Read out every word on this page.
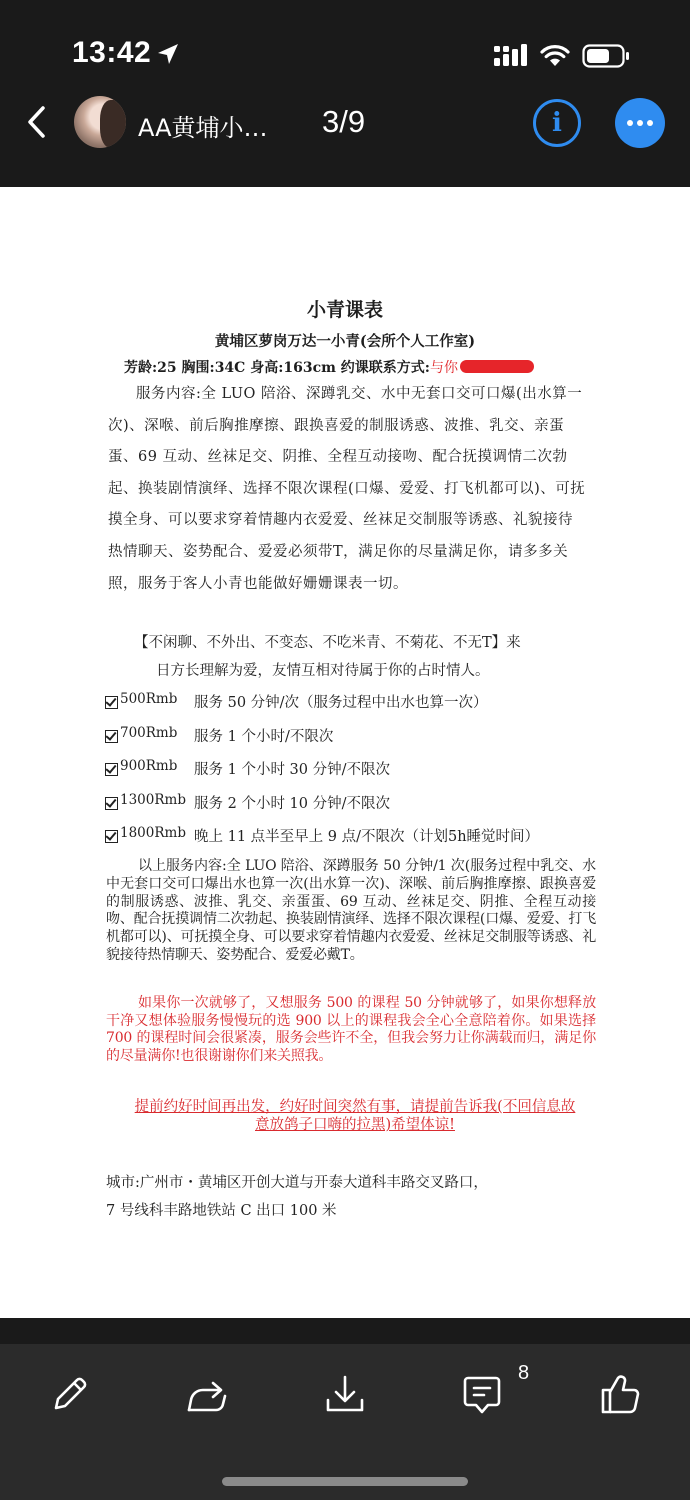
13:42
AA黄埔小… 3/9	i
小青课表
黄埔区萝岗万达一小青(会所个人工作室)
芳龄:25 胸围:34C 身高:163cm 约课联系方式:与你
服务内容:全 LUO 陪浴、深蹲乳交、水中无套口交可口爆(出水算一次)、深喉、前后胸推摩擦、跟换喜爱的制服诱惑、波推、乳交、亲蛋蛋、69 互动、丝袜足交、阴推、全程互动接吻、配合抚摸调情二次勃起、换装剧情演绎、选择不限次课程(口爆、爱爱、打飞机都可以)、可抚摸全身、可以要求穿着情趣内衣爱爱、丝袜足交制服等诱惑、礼貌接待热情聊天、姿势配合、爱爱必须带T，满足你的尽量满足你，请多多关照，服务于客人小青也能做好姗姗课表一切。
【不闲聊、不外出、不变态、不吃米青、不菊花、不无T】来
日方长理解为爱，友情互相对待属于你的占时情人。
500Rmb 服务 50 分钟/次（服务过程中出水也算一次）
700Rmb 服务 1 个小时/不限次
900Rmb 服务 1 个小时 30 分钟/不限次
1300Rmb 服务 2 个小时 10 分钟/不限次
1800Rmb 晚上 11 点半至早上 9 点/不限次（计划5h睡觉时间）
以上服务内容:全 LUO 陪浴、深蹲服务 50 分钟/1 次(服务过程中乳交、水中无套口交可口爆出水也算一次(出水算一次)、深喉、前后胸推摩擦、跟换喜爱的制服诱惑、波推、乳交、亲蛋蛋、69 互动、丝袜足交、阴推、全程互动接吻、配合抚摸调情二次勃起、换装剧情演绎、选择不限次课程(口爆、爱爱、打飞机都可以)、可抚摸全身、可以要求穿着情趣内衣爱爱、丝袜足交制服等诱惑、礼貌接待热情聊天、姿势配合、爱爱必戴T。
如果你一次就够了，又想服务 500 的课程 50 分钟就够了，如果你想释放干净又想体验服务慢慢玩的选 900 以上的课程我会全心全意陪着你。如果选择 700 的课程时间会很紧凑，服务会些许不全，但我会努力让你满载而归，满足你的尽量满你!也很谢谢你们来关照我。
提前约好时间再出发，约好时间突然有事，请提前告诉我(不回信息故意放鸽子口嗨的拉黑)希望体谅!
城市:广州市・黄埔区开创大道与开泰大道科丰路交叉路口，
7 号线科丰路地铁站 C 出口 100 米
8
